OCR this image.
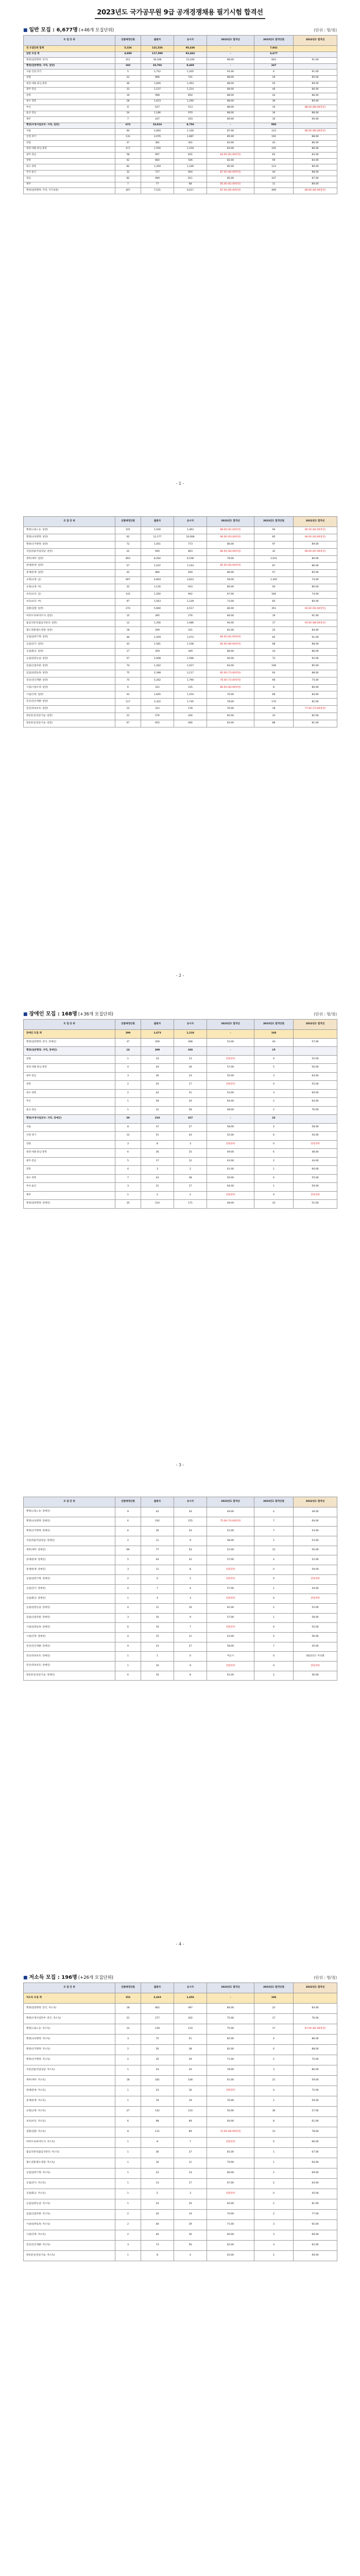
2023년도 국가공무원 9급 공개경쟁채용 필기시험 합격선
■ 일반 모집 : 6,677명 (+46개 모집단위)	(단위 : 명/점)
모 집 단 위	선발예정인원	출원자	응시자	2023년도 합격선	2023년도 합격인원	2022년도 합격선
전 모집단위 합계	5,326	121,526	95,436	-	7,041	
일반 모집 계	4,980	117,590	92,462	-	6,677	
행정(일반행정: 전국)	411	30,206	23,249	88.00	603	91.00
행정(일반행정: 지역, 일반)	192	10,702	8,469	-	247	
서울·인천·경기	5	1,752	1,205	91.00	6	91.00
강원	22	896	741	88.00	29	85.00
대전·세종·충남·충북	46	1,826	1,493	88.00	55	89.00
광주·전남	33	1,537	1,214	88.00	40	86.00
전북	19	998	850	88.00	24	86.00
대구·경북	28	1,623	1,290	88.00	39	89.00
부산	8	637	513	88.00	10	88.00 (86.00양성)
울산·경남	24	1,186	970	88.00	34	88.00
제주	7	247	193	89.00	10	90.00
행정(우정사업본부: 지역, 일반)	672	10,816	8,756	-	950	
서울	94	1,664	1,330	87.00	123	86.00 (85.00양성)
인천·경기	131	2,076	1,687	85.00	192	88.00
강원	27	381	301	83.00	43	86.00
대전·세종·충남·충북	117	1,550	1,218	83.00	165	86.00
광주·전남	58	997	831	84.00 (81.00양성)	83	83.00
전북	42	684	546	82.00	59	84.00
대구·경북	82	1,459	1,249	85.00	123	86.00
부산·울산	32	727	604	87.00 (84.00양성)	44	88.00
경남	82	999	811	85.00	107	87.00
제주	7	77	68	85.00 (81.00양성)	11	89.00
행정(일반행정: 지역, 국가보훈)	407	7,531	6,017	87.00 (85.00양성)	499	89.00 (85.00양성)
모 집 단 위	선발예정인원	출원자	응시자	2023년도 합격선	2023년도 합격인원	2022년도 합격선
행정(고용노동: 일반)	101	1,930	1,463	88.00 (81.00양성)	94	85.00 (82.00양성)
행정(교육행정: 일반)	62	12,177	10,008	96.00 (93.00양성)	85	94.00 (93.00양성)
행정(선거행정: 일반)	72	1,051	773	86.00	97	89.00
직업상담(직업상담: 일반)	22	949	803	86.00 (83.00양성)	32	89.00 (87.00양성)
세무(세무: 일반)	803	8,292	6,538	78.00	1,021	80.00
관세(관세: 일반)	57	1,547	1,193	85.00 (83.00양성)	67	86.00
통계(통계: 일반)	43	984	649	86.00	57	85.00
교정(교정: 남)	907	4,854	3,823	58.00	1,302	74.00
교정(교정: 여)	32	1,145	933	80.00	50	80.00
보호(보호: 남)	142	1,200	942	67.00	184	74.00
보호(보호: 여)	97	1,563	1,239	73.00	83	80.00
검찰(검찰: 일반)	274	5,660	4,517	86.00	351	92.00 (91.00양성)
마약수사(마약수사: 일반)	15	395	276	84.00	19	91.00
출입국관리(출입국관리: 일반)	12	1,356	1,086	94.00	17	93.00 (88.00양성)
철도경찰(철도경찰: 일반)	18	299	241	82.00	25	84.00
공업(일반기계: 일반)	46	1,459	1,072	84.00 (81.00양성)	65	91.00
공업(전기: 일반)	43	1,581	1,108	85.00 (80.00양성)	68	88.00
공업(화공: 일반)	17	359	349	86.00	24	86.00
농업(일반농업: 일반)	57	2,008	1,568	90.00	72	92.00
임업(산림자원: 일반)	74	1,262	1,027	83.00	108	85.00
임업(일반토목: 일반)	75	2,398	2,117	85.00 (73.00양성)	93	88.00
전산(전산개발: 일반)	75	5,262	1,790	76.00 (73.00양성)	66	75.00
시설(시설조경: 일반)	6	312	235	80.00 (83.00양성)	8	80.00
시설(건축: 일반)	43	1,845	1,254	76.00	66	84.00
전산(전산개발: 일반)	117	2,322	1,745	78.00	170	82.00
전산(정보보호: 일반)	13	312	178	76.00	18	77.00 (73.00양성)
방송통신(전송기술: 일반)	21	576	426	85.00	33	82.00
방송통신(전송기술: 일반)	67	655	466	83.00	88	81.00
■ 장애인 모집 : 168명 (+36개 모집단위)	(단위 : 명/점)
모 집 단 위	선발예정인원	출원자	응시자	2023년도 합격선	2023년도 합격인원	2022년도 합격선
장애인 모집 계	290	1,673	1,218	-	168	
행정(일반행정: 전국, 장애인)	37	509	408	53.00	44	57.00
행정(일반행정: 지역, 장애인)	14	209	166	-	15	
강원	1	14	13	전원과락	0	55.00
대전·세종·충남·충북	4	44	30	57.00	5	50.00
광주·전남	3	30	23	55.00	3	64.00
전북	2	20	17	전원과락	0	55.00
대구·경북	2	42	31	53.00	3	60.00
부산	1	28	20	64.00	2	64.00
울산·경남	1	31	28	48.00	2	76.00
행정(우정사업본부: 지역, 장애인)	39	210	167	-	22	
서울	8	37	27	58.00	4	58.00
인천·경기	12	51	43	52.00	6	50.00
강원	3	8	3	전원과락	0	전원과락
대전·세종·충남·충북	6	30	25	49.00	6	48.00
광주·전남	5	17	12	43.00	2	44.00
전북	4	3	2	41.00	1	60.00
대구·경북	7	43	38	56.00	4	55.00
부산·울산	3	21	17	64.00	1	59.00
제주	1	2	2	전원과락	0	전원과락
행정(일반행정: 장애인)	35	214	171	48.00	33	51.00
모 집 단 위	선발예정인원	출원자	응시자	2023년도 합격선	2023년도 합격인원	2022년도 합격선
행정(고용노동: 장애인)	9	42	34	49.00	4	49.00
행정(교육행정: 장애인)	6	192	155	75.00 (74.00양성)	7	69.00
행정(선거행정: 장애인)	6	30	24	52.00	7	53.00
직업상담(직업상담: 장애인)	2	11	9	58.00	2	53.00
세무(세무: 장애인)	69	77	54	51.00	12	50.00
관세(관세: 장애인)	5	44	32	57.00	4	52.00
통계(통계: 장애인)	3	11	8	전원과락	0	59.00
공업(일반기계: 장애인)	2	6	2	전원과락	0	전원과락
공업(전기: 장애인)	4	7	4	57.00	1	44.00
공업(화공: 장애인)	1	4	3	전원과락	0	전원과락
농업(일반농업: 장애인)	4	11	10	62.00	2	52.00
임업(산림자원: 장애인)	3	10	9	57.00	1	58.00
시설(일반토목: 장애인)	6	10	7	전원과락	0	55.00
시설(건축: 장애인)	4	15	11	43.00	5	56.00
전산(전산개발: 장애인)	9	33	27	58.00	7	45.00
전산(정보보호: 장애인)	1	1	0	미응시	0	2022년도 미선발
전산(정보보호: 장애인)	1	10	9	전원과락	0	전원과락
방송통신(전송기술: 장애인)	6	10	8	61.00	2	46.00
■ 저소득 모집 : 196명 (+26개 모집단위)	(단위 : 명/점)
모 집 단 위	선발예정인원	출원자	응시자	2023년도 합격선	2023년도 합격인원	2022년도 합격선
저소득 모집 계	151	2,263	1,656	-	196	
행정(일반행정: 전국, 저소득)	18	662	497	84.00	22	83.00
행정(우정사업본부: 전국, 저소득)	21	277	202	75.00	17	76.00
행정(고용노동: 저소득)	13	139	110	75.00	17	87.00 (81.00양성)
행정(교육행정: 저소득)	3	75	51	82.00	4	86.00
행정(선거행정: 저소득)	2	56	38	82.00	6	88.00
행정(선거행정: 저소득)	2	35	29	71.00	2	75.00
직업상담(직업상담: 저소득)	1	24	20	78.00	3	80.00
세무(세무: 저소득)	18	181	148	61.00	21	59.00
관세(관세: 저소득)	1	24	16	전원과락	0	72.00
통계(통계: 저소득)	1	19	19	76.00	2	59.00
교정(교정: 저소득)	27	142	110	56.00	36	57.00
보호(보호: 저소득)	6	98	69	60.00	8	61.00
검찰(검찰: 저소득)	8	131	89	72.00 (66.00양성)	12	78.00
마약수사(마약수사: 저소득)	1	8	7	전원과락	0	66.00
출입국관리(출입국관리: 저소득)	1	36	27	81.00	1	67.00
철도경찰(철도경찰: 저소득)	1	16	11	70.00	1	64.00
공업(일반기계: 저소득)	1	22	14	80.00	2	69.00
공업(전기: 저소득)	1	13	17	67.00	2	64.00
공업(화공: 저소득)	1	5	3	전원과락	0	45.00
농업(일반농업: 저소득)	1	24	20	83.00	2	81.00
임업(산림자원: 저소득)	2	20	14	70.00	2	77.00
시설(일반토목: 저소득)	2	40	29	71.00	3	65.00
시설(건축: 저소득)	2	40	30	60.00	3	69.00
전산(전산개발: 저소득)	3	73	56	62.00	3	62.00
방송통신(전송기술: 저소득)	1	8	4	63.00	2	69.00
- 1 -
- 2 -
- 3 -
- 4 -
